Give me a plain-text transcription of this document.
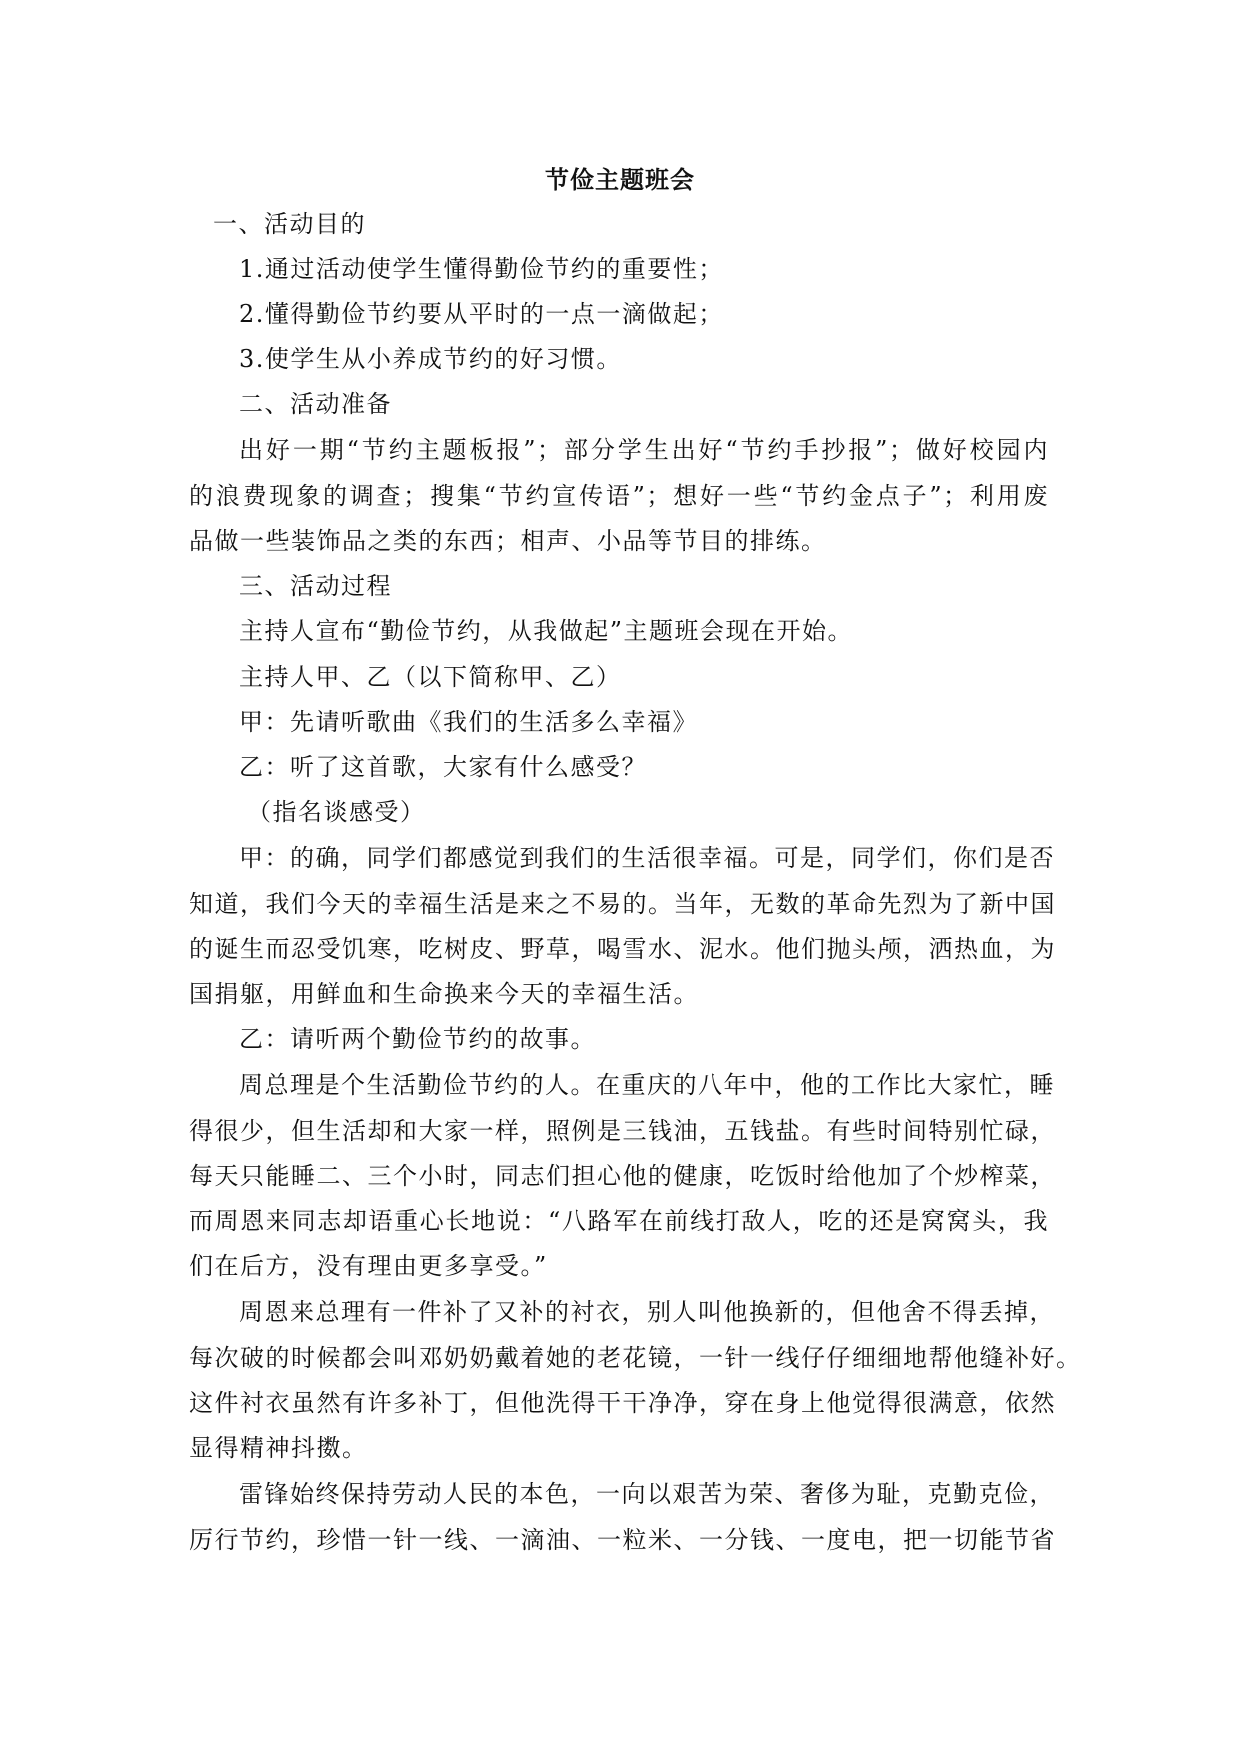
节俭主题班会
一、活动目的
1.通过活动使学生懂得勤俭节约的重要性；
2.懂得勤俭节约要从平时的一点一滴做起；
3.使学生从小养成节约的好习惯。
二、活动准备
出好一期“节约主题板报”；部分学生出好“节约手抄报”；做好校园内
的浪费现象的调查；搜集“节约宣传语”；想好一些“节约金点子”；利用废
品做一些装饰品之类的东西；相声、小品等节目的排练。
三、活动过程
主持人宣布“勤俭节约，从我做起”主题班会现在开始。
主持人甲、乙（以下简称甲、乙）
甲：先请听歌曲《我们的生活多么幸福》
乙：听了这首歌，大家有什么感受？
（指名谈感受）
甲：的确，同学们都感觉到我们的生活很幸福。可是，同学们，你们是否
知道，我们今天的幸福生活是来之不易的。当年，无数的革命先烈为了新中国
的诞生而忍受饥寒，吃树皮、野草，喝雪水、泥水。他们抛头颅，洒热血，为
国捐躯，用鲜血和生命换来今天的幸福生活。
乙：请听两个勤俭节约的故事。
周总理是个生活勤俭节约的人。在重庆的八年中，他的工作比大家忙，睡
得很少，但生活却和大家一样，照例是三钱油，五钱盐。有些时间特别忙碌，
每天只能睡二、三个小时，同志们担心他的健康，吃饭时给他加了个炒榨菜，
而周恩来同志却语重心长地说：“八路军在前线打敌人，吃的还是窝窝头，我
们在后方，没有理由更多享受。”
周恩来总理有一件补了又补的衬衣，别人叫他换新的，但他舍不得丢掉，
每次破的时候都会叫邓奶奶戴着她的老花镜，一针一线仔仔细细地帮他缝补好。
这件衬衣虽然有许多补丁，但他洗得干干净净，穿在身上他觉得很满意，依然
显得精神抖擞。
雷锋始终保持劳动人民的本色，一向以艰苦为荣、奢侈为耻，克勤克俭，
厉行节约，珍惜一针一线、一滴油、一粒米、一分钱、一度电，把一切能节省
